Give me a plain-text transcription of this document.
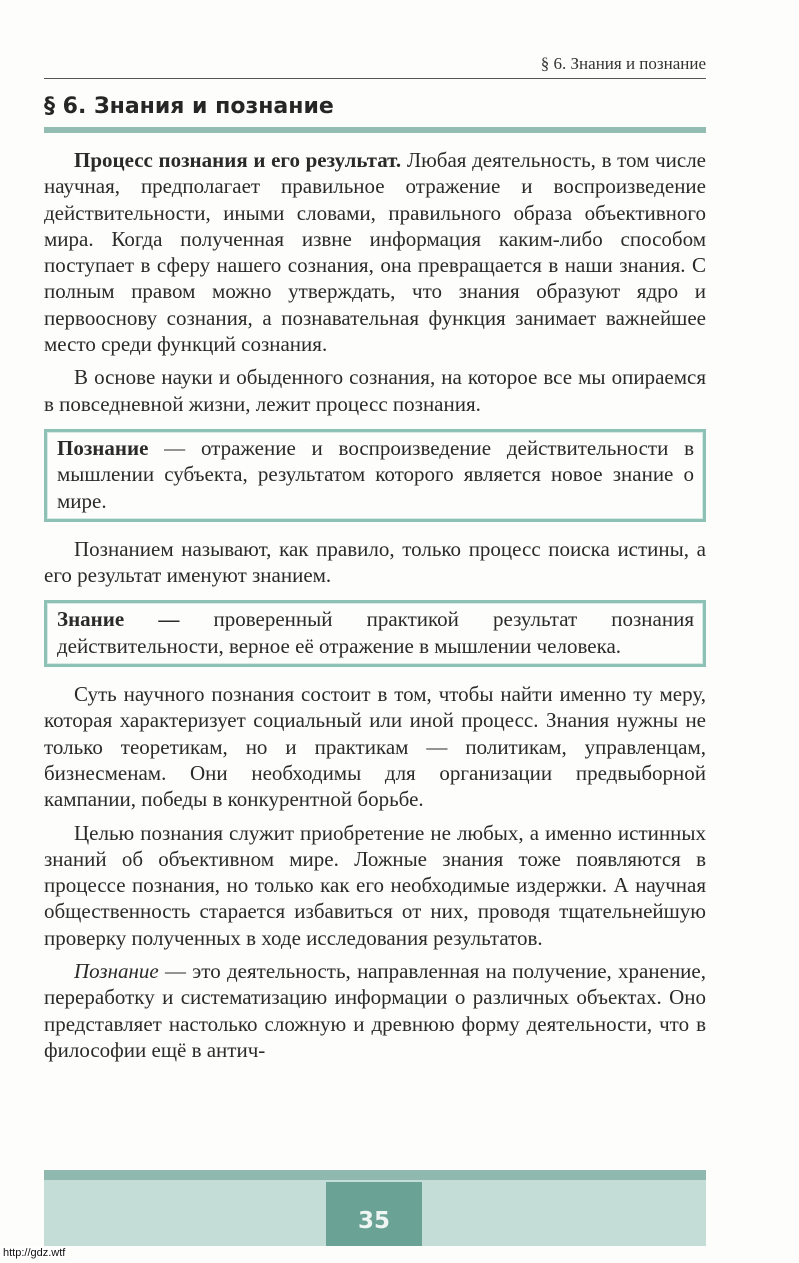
§ 6. Знания и познание
§ 6. Знания и познание

Процесс познания и его результат. Любая деятельность, в том числе научная, предполагает правильное отражение и воспроизведение действительности, иными словами, правильного образа объективного мира. Когда полученная извне информация каким-либо способом поступает в сферу нашего сознания, она превращается в наши знания. С полным правом можно утверждать, что знания образуют ядро и первооснову сознания, а познавательная функция занимает важнейшее место среди функций сознания.

В основе науки и обыденного сознания, на которое все мы опираемся в повседневной жизни, лежит процесс познания.

Познание — отражение и воспроизведение действительности в мышлении субъекта, результатом которого является новое знание о мире.

Познанием называют, как правило, только процесс поиска истины, а его результат именуют знанием.

Знание — проверенный практикой результат познания действительности, верное её отражение в мышлении человека.

Суть научного познания состоит в том, чтобы найти именно ту меру, которая характеризует социальный или иной процесс. Знания нужны не только теоретикам, но и практикам — политикам, управленцам, бизнесменам. Они необходимы для организации предвыборной кампании, победы в конкурентной борьбе.

Целью познания служит приобретение не любых, а именно истинных знаний об объективном мире. Ложные знания тоже появляются в процессе познания, но только как его необходимые издержки. А научная общественность старается избавиться от них, проводя тщательнейшую проверку полученных в ходе исследования результатов.

Познание — это деятельность, направленная на получение, хранение, переработку и систематизацию информации о различных объектах. Оно представляет настолько сложную и древнюю форму деятельности, что в философии ещё в антич-

35
http://gdz.wtf
